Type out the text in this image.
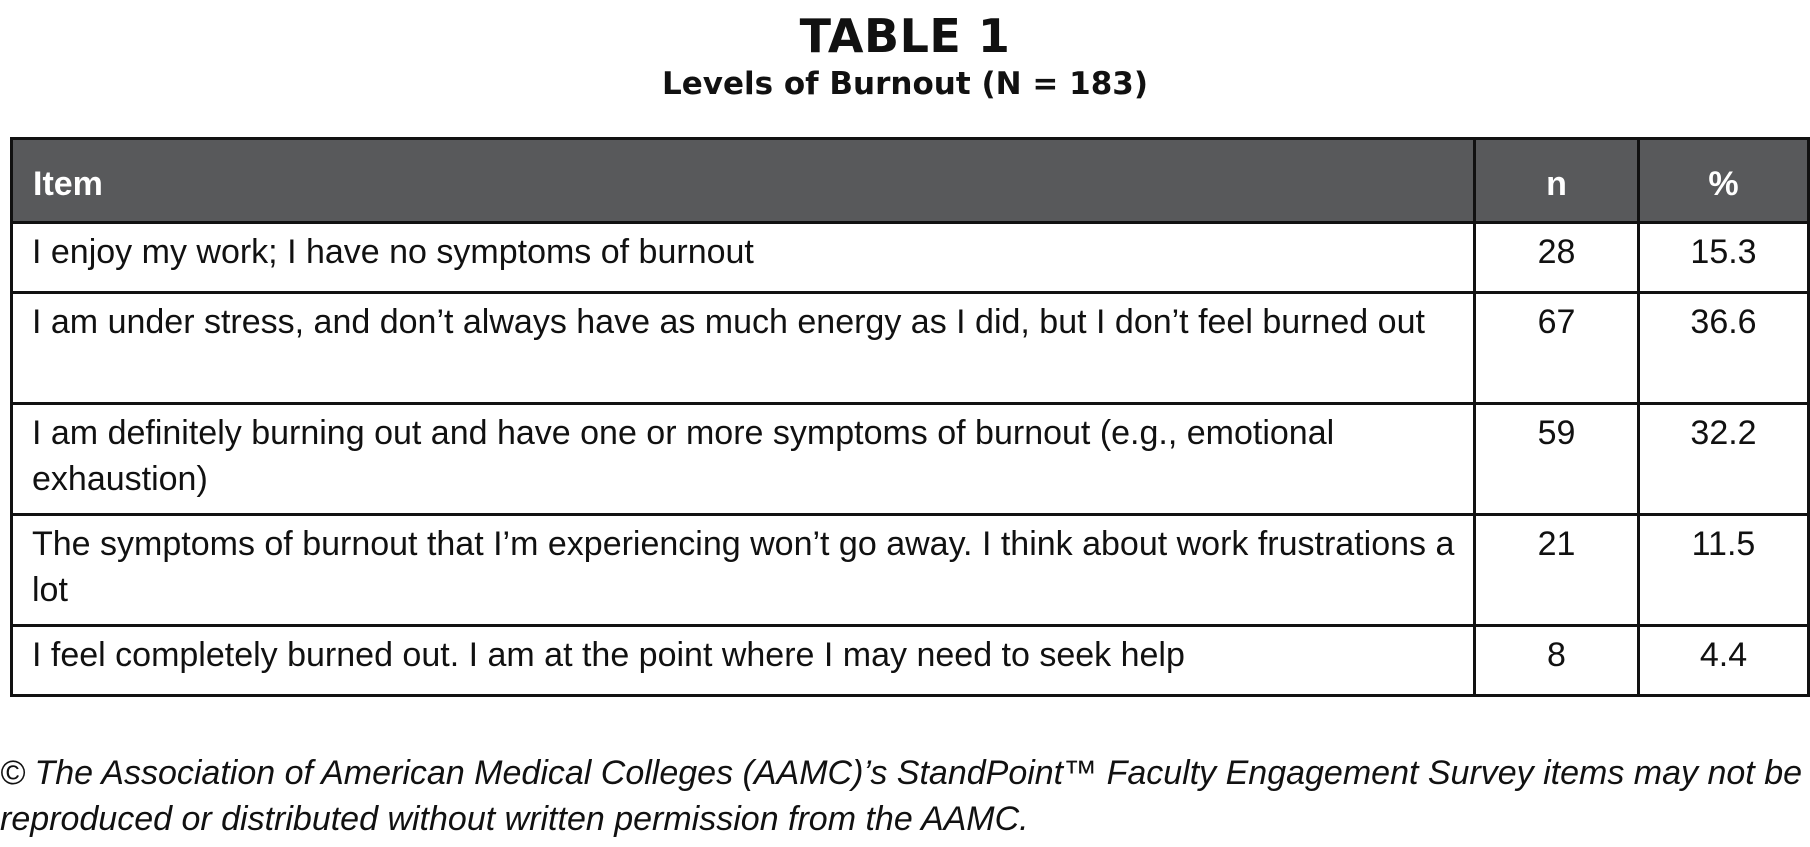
TABLE 1
Levels of Burnout (N = 183)
Item	n	%
I enjoy my work; I have no symptoms of burnout	28	15.3
I am under stress, and don’t always have as much energy as I did, but I don’t feel burned out	67	36.6
I am definitely burning out and have one or more symptoms of burnout (e.g., emotional exhaustion)	59	32.2
The symptoms of burnout that I’m experiencing won’t go away. I think about work frustrations a lot	21	11.5
I feel completely burned out. I am at the point where I may need to seek help	8	4.4
© The Association of American Medical Colleges (AAMC)’s StandPoint™ Faculty Engagement Survey items may not be reproduced or distributed without written permission from the AAMC.
